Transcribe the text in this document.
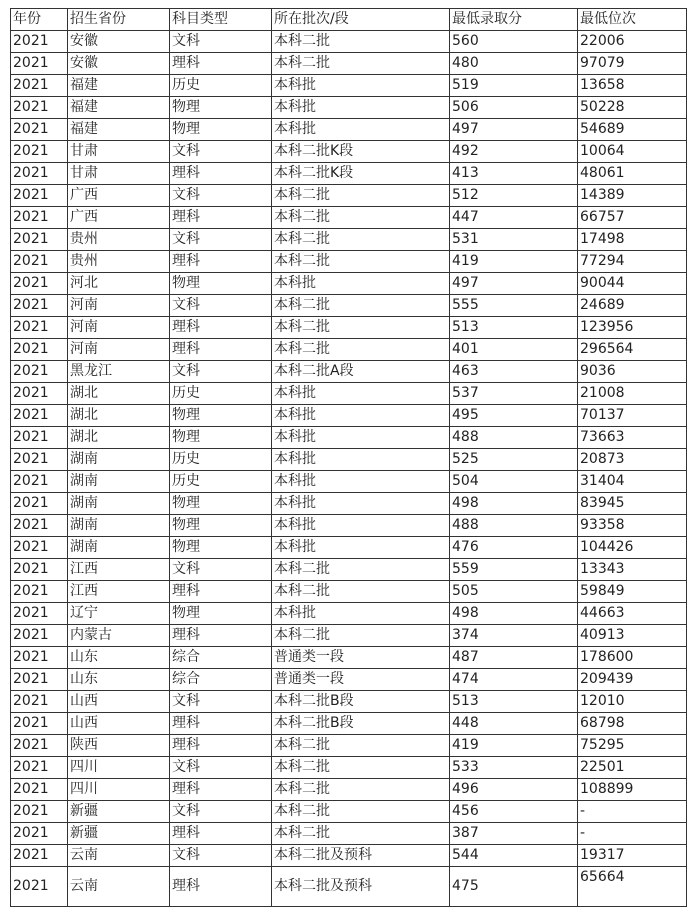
年份	招生省份	科目类型	所在批次/段	最低录取分	最低位次
2021	安徽	文科	本科二批	560	22006
2021	安徽	理科	本科二批	480	97079
2021	福建	历史	本科批	519	13658
2021	福建	物理	本科批	506	50228
2021	福建	物理	本科批	497	54689
2021	甘肃	文科	本科二批K段	492	10064
2021	甘肃	理科	本科二批K段	413	48061
2021	广西	文科	本科二批	512	14389
2021	广西	理科	本科二批	447	66757
2021	贵州	文科	本科二批	531	17498
2021	贵州	理科	本科二批	419	77294
2021	河北	物理	本科批	497	90044
2021	河南	文科	本科二批	555	24689
2021	河南	理科	本科二批	513	123956
2021	河南	理科	本科二批	401	296564
2021	黑龙江	文科	本科二批A段	463	9036
2021	湖北	历史	本科批	537	21008
2021	湖北	物理	本科批	495	70137
2021	湖北	物理	本科批	488	73663
2021	湖南	历史	本科批	525	20873
2021	湖南	历史	本科批	504	31404
2021	湖南	物理	本科批	498	83945
2021	湖南	物理	本科批	488	93358
2021	湖南	物理	本科批	476	104426
2021	江西	文科	本科二批	559	13343
2021	江西	理科	本科二批	505	59849
2021	辽宁	物理	本科批	498	44663
2021	内蒙古	理科	本科二批	374	40913
2021	山东	综合	普通类一段	487	178600
2021	山东	综合	普通类一段	474	209439
2021	山西	文科	本科二批B段	513	12010
2021	山西	理科	本科二批B段	448	68798
2021	陕西	理科	本科二批	419	75295
2021	四川	文科	本科二批	533	22501
2021	四川	理科	本科二批	496	108899
2021	新疆	文科	本科二批	456	-
2021	新疆	理科	本科二批	387	-
2021	云南	文科	本科二批及预科	544	19317
2021	云南	理科	本科二批及预科	475	65664
